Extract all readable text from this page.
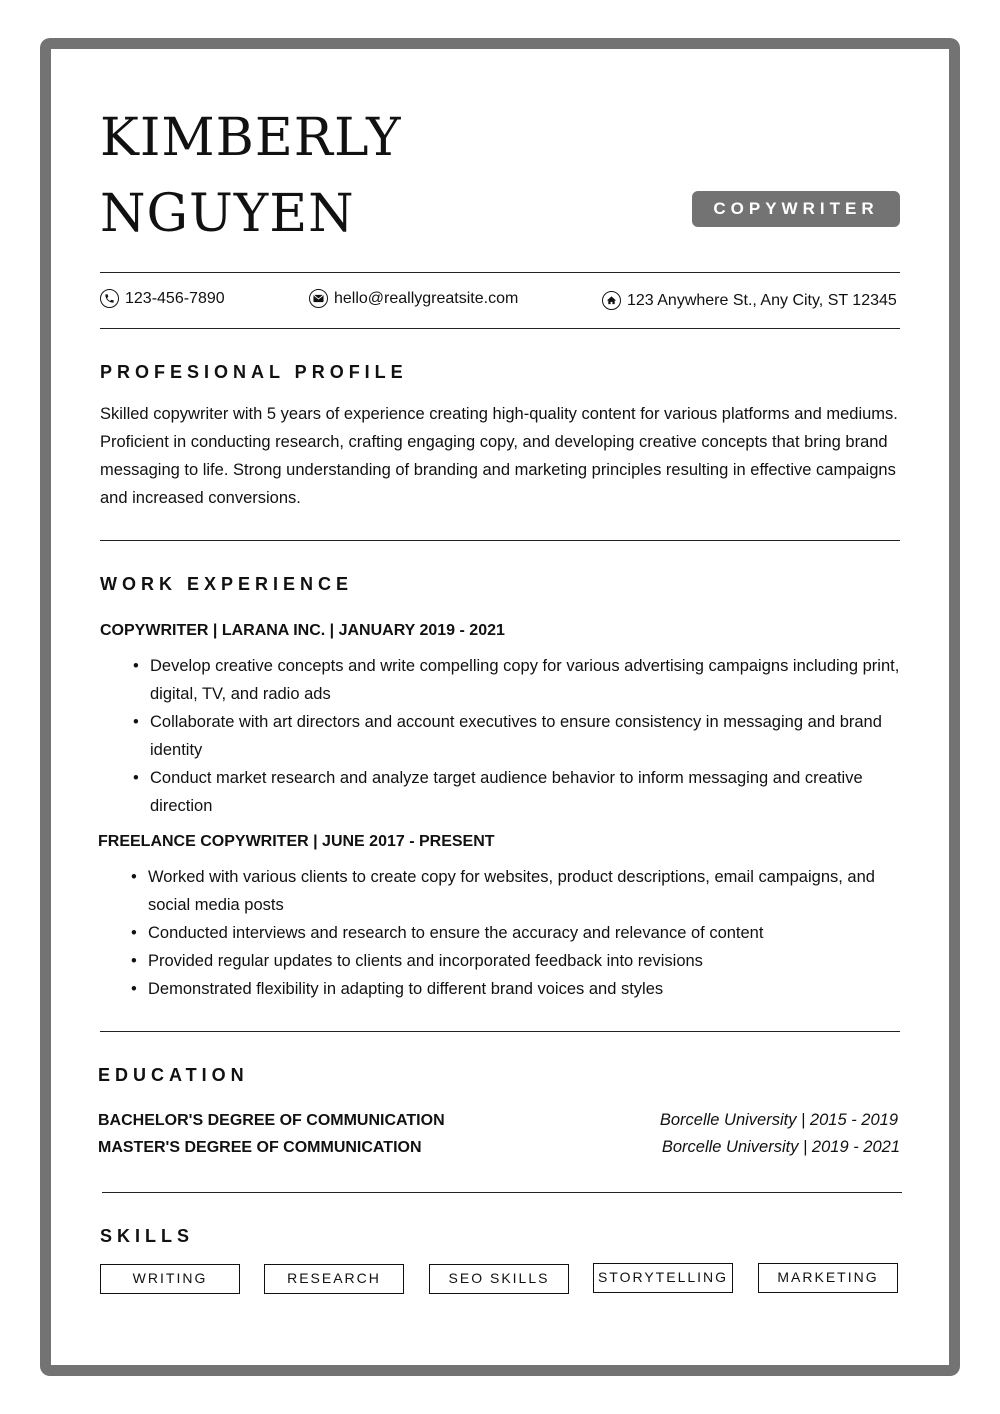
KIMBERLY
NGUYEN	COPYWRITER
123-456-7890	hello@reallygreatsite.com	123 Anywhere St., Any City, ST 12345
PROFESIONAL PROFILE
Skilled copywriter with 5 years of experience creating high-quality content for various platforms and mediums. Proficient in conducting research, crafting engaging copy, and developing creative concepts that bring brand messaging to life. Strong understanding of branding and marketing principles resulting in effective campaigns and increased conversions.
WORK EXPERIENCE
COPYWRITER | LARANA INC. | JANUARY 2019 - 2021
• Develop creative concepts and write compelling copy for various advertising campaigns including print, digital, TV, and radio ads
• Collaborate with art directors and account executives to ensure consistency in messaging and brand identity
• Conduct market research and analyze target audience behavior to inform messaging and creative direction
FREELANCE COPYWRITER | JUNE 2017 - PRESENT
• Worked with various clients to create copy for websites, product descriptions, email campaigns, and social media posts
• Conducted interviews and research to ensure the accuracy and relevance of content
• Provided regular updates to clients and incorporated feedback into revisions
• Demonstrated flexibility in adapting to different brand voices and styles
EDUCATION
BACHELOR'S DEGREE OF COMMUNICATION	Borcelle University | 2015 - 2019
MASTER'S DEGREE OF COMMUNICATION	Borcelle University | 2019 - 2021
SKILLS
WRITING	RESEARCH	SEO SKILLS	STORYTELLING	MARKETING
